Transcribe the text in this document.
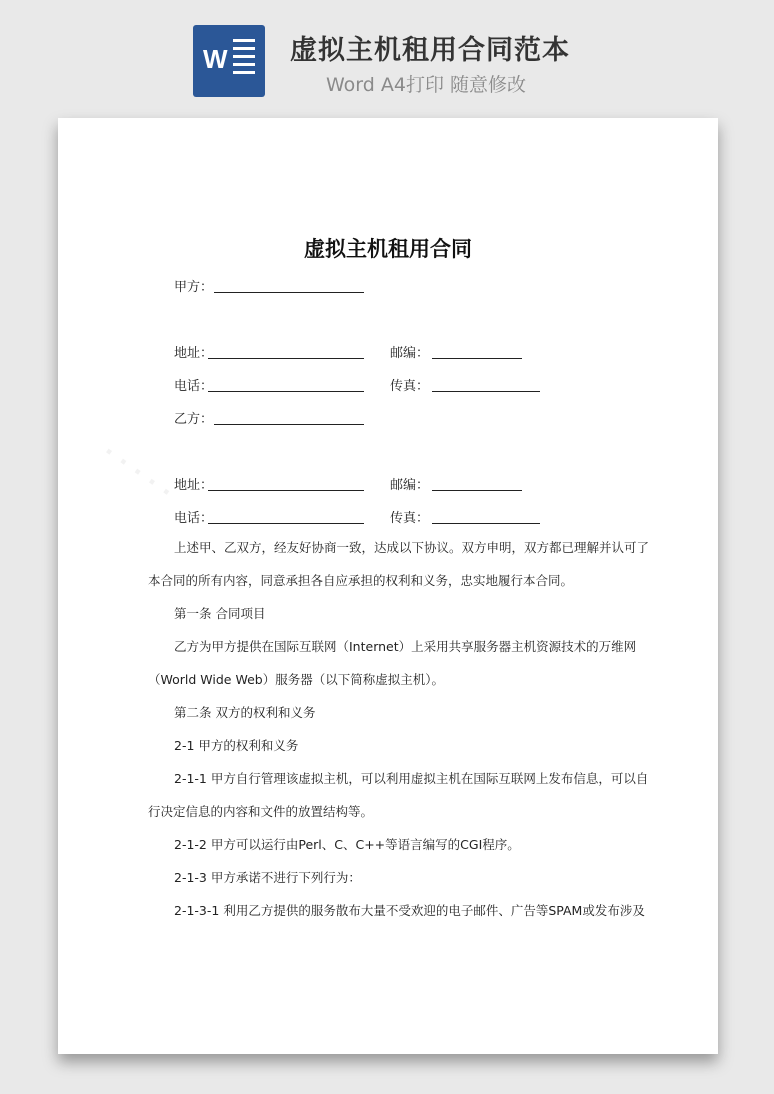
W 虚拟主机租用合同范本
Word A4打印 随意修改
· · · · ·
虚拟主机租用合同
甲方：
地址：	邮编：
电话：	传真：
乙方：
地址：	邮编：
电话：	传真：
上述甲、乙双方，经友好协商一致，达成以下协议。双方申明，双方都已理解并认可了
本合同的所有内容，同意承担各自应承担的权利和义务，忠实地履行本合同。
第一条 合同项目
乙方为甲方提供在国际互联网（Internet）上采用共享服务器主机资源技术的万维网
（World Wide Web）服务器（以下简称虚拟主机）。
第二条 双方的权利和义务
2-1 甲方的权利和义务
2-1-1 甲方自行管理该虚拟主机，可以利用虚拟主机在国际互联网上发布信息，可以自
行决定信息的内容和文件的放置结构等。
2-1-2 甲方可以运行由Perl、C、C++等语言编写的CGI程序。
2-1-3 甲方承诺不进行下列行为：
2-1-3-1 利用乙方提供的服务散布大量不受欢迎的电子邮件、广告等SPAM或发布涉及
